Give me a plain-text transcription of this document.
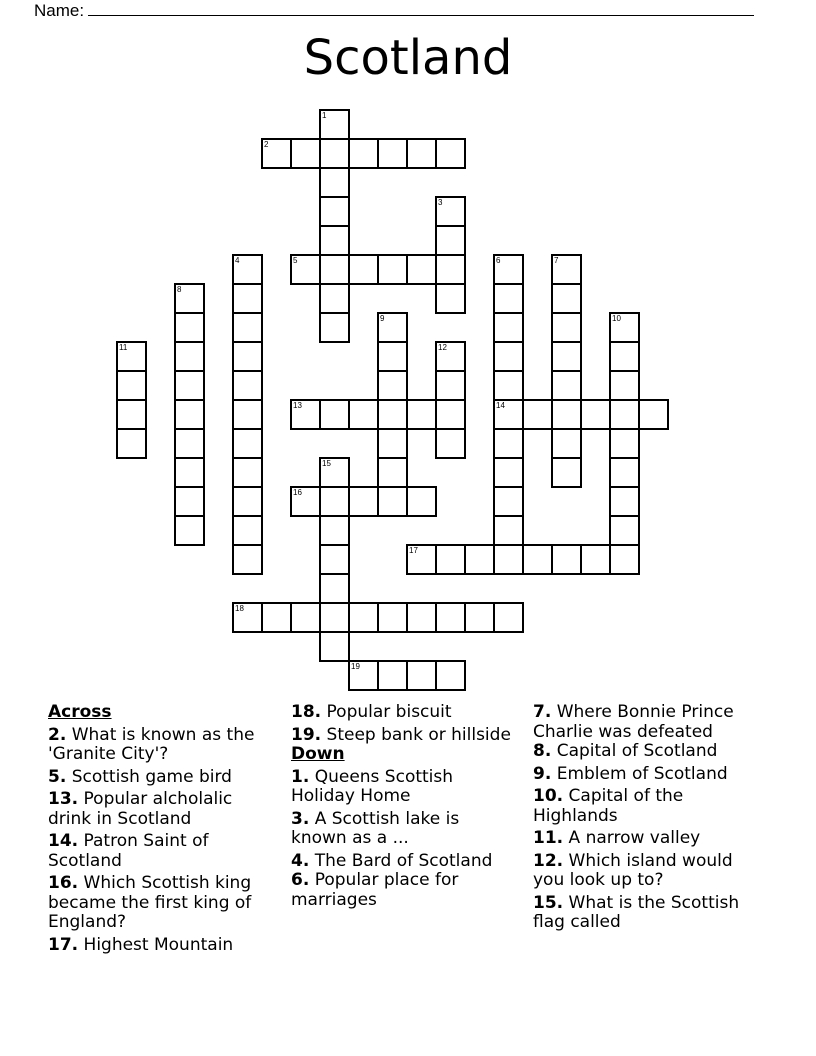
Name:
Scotland
1
2
3
4	5	6
14
7
8
9	10
11	12
13
15
16
17
18
19
Across
2. What is known as the 'Granite City'?
5. Scottish game bird
13. Popular alcholalic drink in Scotland
14. Patron Saint of Scotland
16. Which Scottish king became the first king of England?
17. Highest Mountain
18. Popular biscuit
19. Steep bank or hillside
Down
1. Queens Scottish Holiday Home
3. A Scottish lake is known as a ...
4. The Bard of Scotland
6. Popular place for marriages
7. Where Bonnie Prince Charlie was defeated
8. Capital of Scotland
9. Emblem of Scotland
10. Capital of the Highlands
11. A narrow valley
12. Which island would you look up to?
15. What is the Scottish flag called
